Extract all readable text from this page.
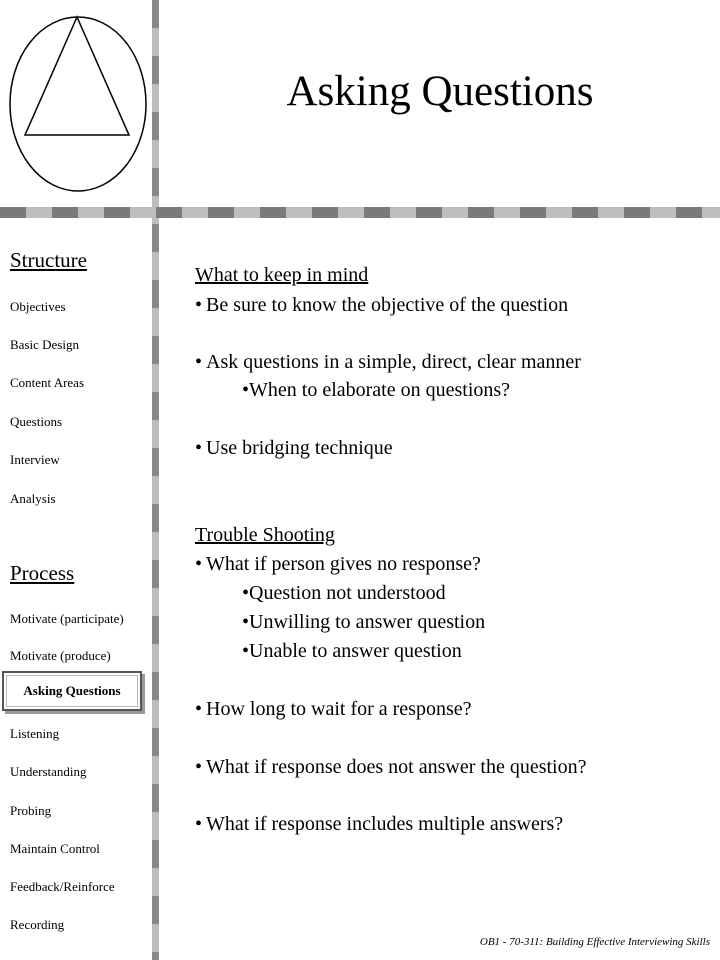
Asking Questions
Structure
Objectives
Basic Design
Content Areas
Questions
Interview
Analysis
Process
Motivate (participate)
Motivate (produce)
Asking Questions
Listening
Understanding
Probing
Maintain Control
Feedback/Reinforce
Recording
What to keep in mind
• Be sure to know the objective of the question
• Ask questions in a simple, direct, clear manner
•When to elaborate on questions?
• Use bridging technique
Trouble Shooting
• What if person gives no response?
•Question not understood
•Unwilling to answer question
•Unable to answer question
• How long to wait for a response?
• What if response does not answer the question?
• What if response includes multiple answers?
OB1 - 70-311: Building Effective Interviewing Skills
